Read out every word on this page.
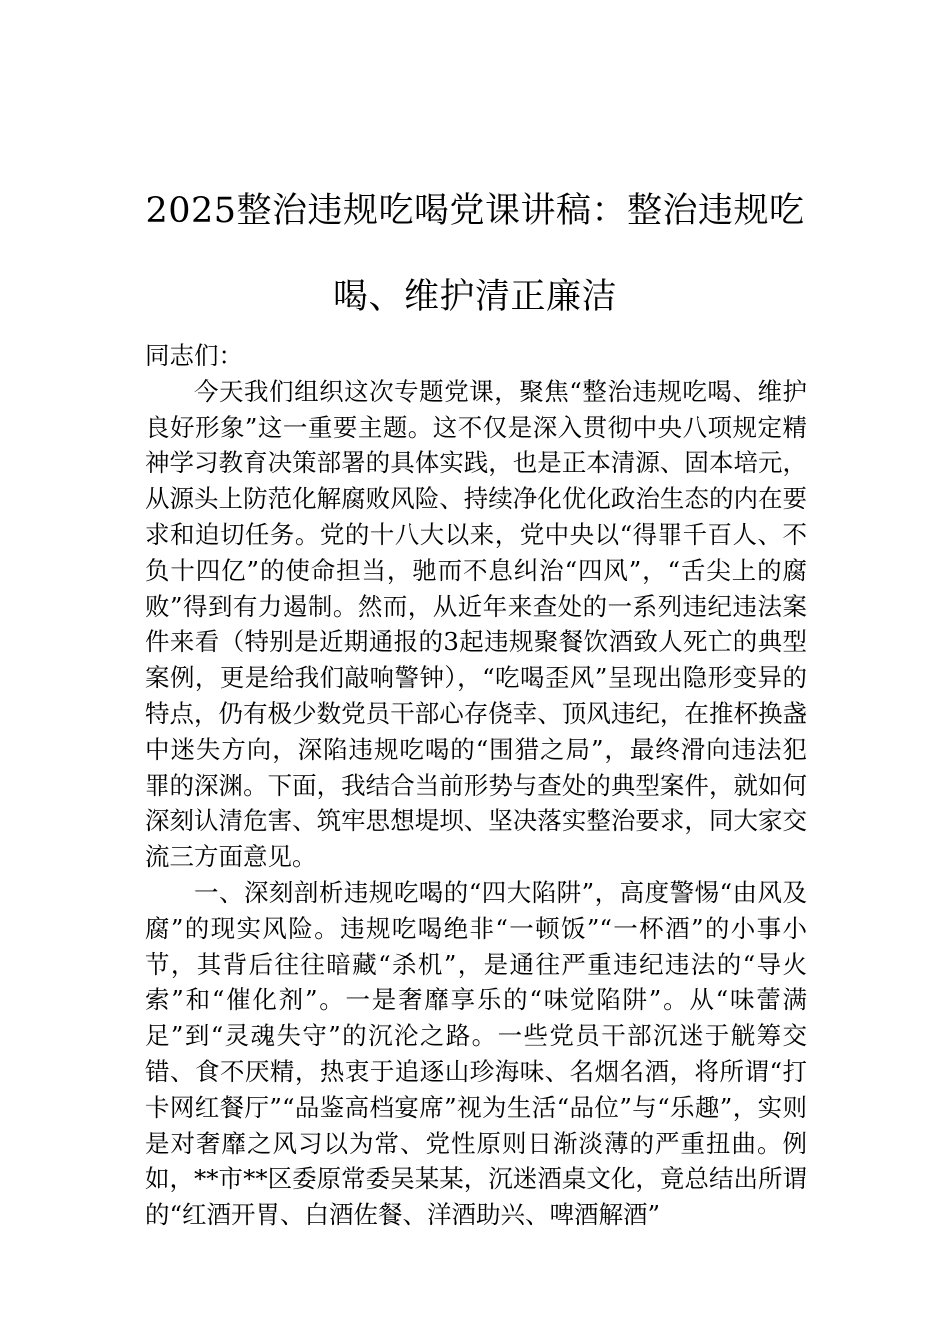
2025整治违规吃喝党课讲稿：整治违规吃喝、维护清正廉洁

同志们：

今天我们组织这次专题党课，聚焦“整治违规吃喝、维护良好形象”这一重要主题。这不仅是深入贯彻中央八项规定精神学习教育决策部署的具体实践，也是正本清源、固本培元，从源头上防范化解腐败风险、持续净化优化政治生态的内在要求和迫切任务。党的十八大以来，党中央以“得罪千百人、不负十四亿”的使命担当，驰而不息纠治“四风”，“舌尖上的腐败”得到有力遏制。然而，从近年来查处的一系列违纪违法案件来看（特别是近期通报的3起违规聚餐饮酒致人死亡的典型案例，更是给我们敲响警钟），“吃喝歪风”呈现出隐形变异的特点，仍有极少数党员干部心存侥幸、顶风违纪，在推杯换盏中迷失方向，深陷违规吃喝的“围猎之局”，最终滑向违法犯罪的深渊。下面，我结合当前形势与查处的典型案件，就如何深刻认清危害、筑牢思想堤坝、坚决落实整治要求，同大家交流三方面意见。

一、深刻剖析违规吃喝的“四大陷阱”，高度警惕“由风及腐”的现实风险。违规吃喝绝非“一顿饭”“一杯酒”的小事小节，其背后往往暗藏“杀机”，是通往严重违纪违法的“导火索”和“催化剂”。一是奢靡享乐的“味觉陷阱”。从“味蕾满足”到“灵魂失守”的沉沦之路。一些党员干部沉迷于觥筹交错、食不厌精，热衷于追逐山珍海味、名烟名酒，将所谓“打卡网红餐厅”“品鉴高档宴席”视为生活“品位”与“乐趣”，实则是对奢靡之风习以为常、党性原则日渐淡薄的严重扭曲。例如，**市**区委原常委吴某某，沉迷酒桌文化，竟总结出所谓的“红酒开胃、白酒佐餐、洋酒助兴、啤酒解酒”
